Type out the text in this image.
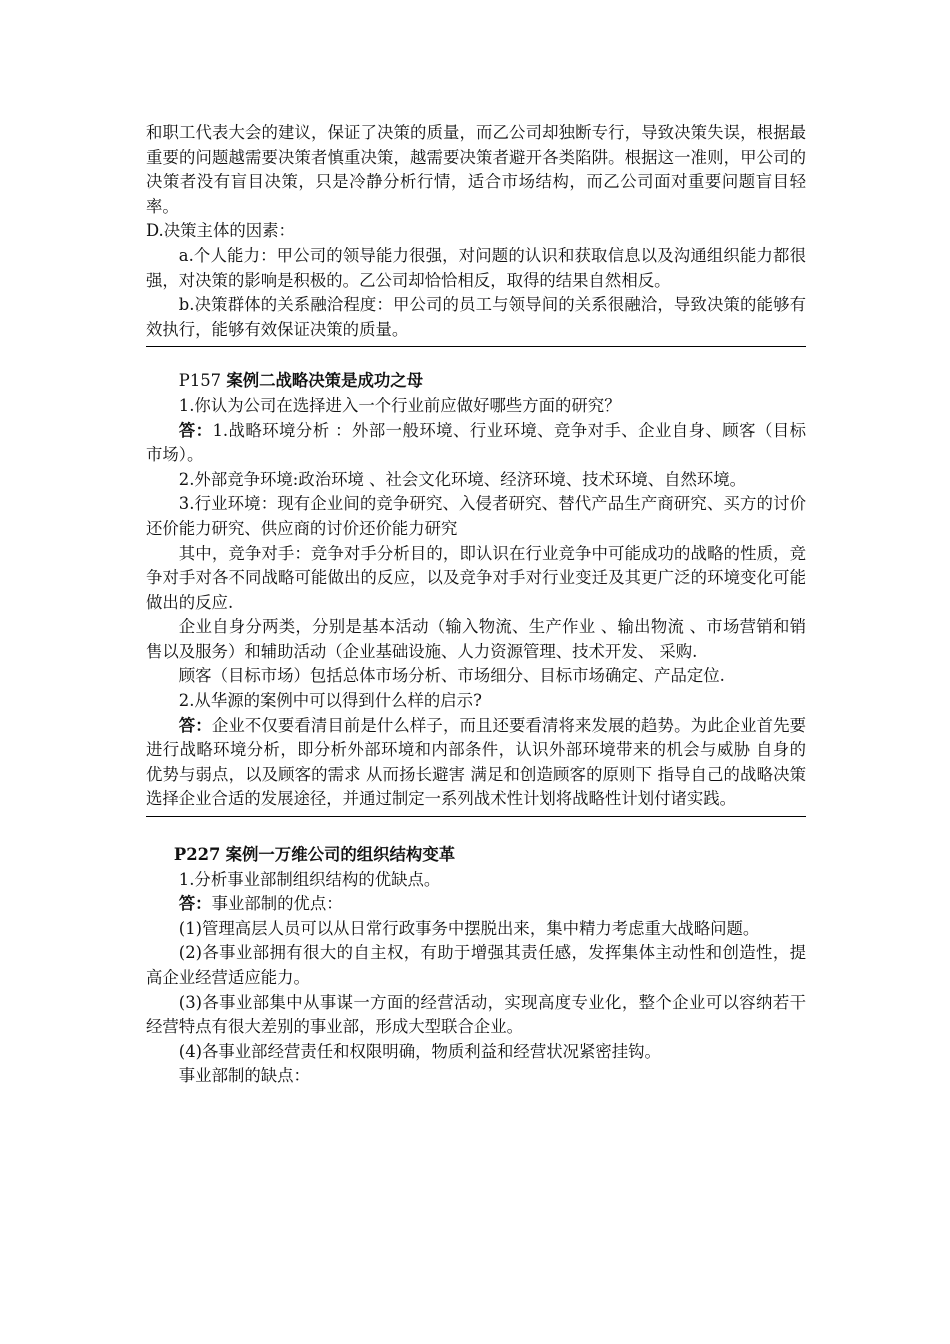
和职工代表大会的建议，保证了决策的质量，而乙公司却独断专行，导致决策失误，根据最重要的问题越需要决策者慎重决策，越需要决策者避开各类陷阱。根据这一准则，甲公司的决策者没有盲目决策，只是冷静分析行情，适合市场结构，而乙公司面对重要问题盲目轻率。

D.决策主体的因素：

a.个人能力：甲公司的领导能力很强，对问题的认识和获取信息以及沟通组织能力都很强，对决策的影响是积极的。乙公司却恰恰相反，取得的结果自然相反。

b.决策群体的关系融洽程度：甲公司的员工与领导间的关系很融洽，导致决策的能够有效执行，能够有效保证决策的质量。

P157 案例二战略决策是成功之母

1.你认为公司在选择进入一个行业前应做好哪些方面的研究？

答：1.战略环境分析 ：外部一般环境、行业环境、竞争对手、企业自身、顾客（目标市场）。

2.外部竞争环境:政治环境 、社会文化环境、经济环境、技术环境、自然环境。

3.行业环境：现有企业间的竞争研究、入侵者研究、替代产品生产商研究、买方的讨价还价能力研究、供应商的讨价还价能力研究

其中，竞争对手：竞争对手分析目的，即认识在行业竞争中可能成功的战略的性质，竞争对手对各不同战略可能做出的反应，以及竞争对手对行业变迁及其更广泛的环境变化可能做出的反应.

企业自身分两类，分别是基本活动（输入物流、生产作业 、输出物流 、市场营销和销售以及服务）和辅助活动（企业基础设施、人力资源管理、技术开发、 采购.

顾客（目标市场）包括总体市场分析、市场细分、目标市场确定、产品定位.

2.从华源的案例中可以得到什么样的启示?

答：企业不仅要看清目前是什么样子，而且还要看清将来发展的趋势。为此企业首先要进行战略环境分析，即分析外部环境和内部条件，认识外部环境带来的机会与威胁 自身的优势与弱点，以及顾客的需求 从而扬长避害 满足和创造顾客的原则下 指导自己的战略决策 选择企业合适的发展途径，并通过制定一系列战术性计划将战略性计划付诸实践。

P227 案例一万维公司的组织结构变革

1.分析事业部制组织结构的优缺点。

答：事业部制的优点：

(1)管理高层人员可以从日常行政事务中摆脱出来，集中精力考虑重大战略问题。

(2)各事业部拥有很大的自主权，有助于增强其责任感，发挥集体主动性和创造性，提高企业经营适应能力。

(3)各事业部集中从事谋一方面的经营活动，实现高度专业化，整个企业可以容纳若干经营特点有很大差别的事业部，形成大型联合企业。

(4)各事业部经营责任和权限明确，物质利益和经营状况紧密挂钩。

事业部制的缺点：
